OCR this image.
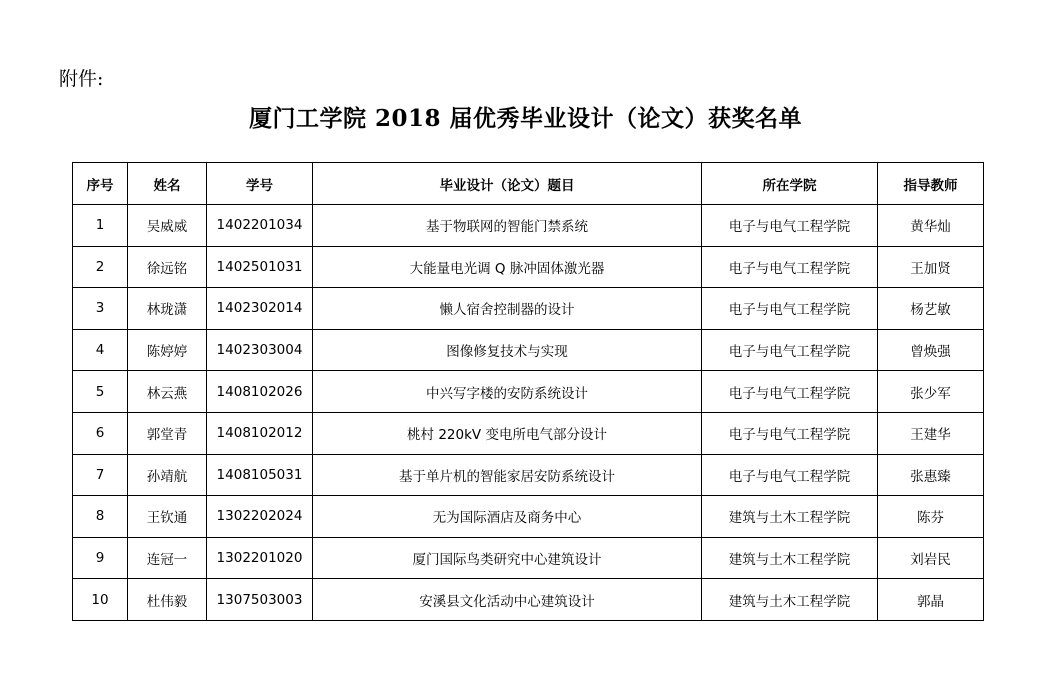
附件:
厦门工学院 2018 届优秀毕业设计（论文）获奖名单
序号	姓名	学号	毕业设计（论文）题目	所在学院	指导教师
1	吴威威	1402201034	基于物联网的智能门禁系统	电子与电气工程学院	黄华灿
2	徐远铭	1402501031	大能量电光调 Q 脉冲固体激光器	电子与电气工程学院	王加贤
3	林珑潇	1402302014	懒人宿舍控制器的设计	电子与电气工程学院	杨艺敏
4	陈婷婷	1402303004	图像修复技术与实现	电子与电气工程学院	曾焕强
5	林云燕	1408102026	中兴写字楼的安防系统设计	电子与电气工程学院	张少军
6	郭堂青	1408102012	桃村 220kV 变电所电气部分设计	电子与电气工程学院	王建华
7	孙靖航	1408105031	基于单片机的智能家居安防系统设计	电子与电气工程学院	张惠臻
8	王钦通	1302202024	无为国际酒店及商务中心	建筑与土木工程学院	陈芬
9	连冠一	1302201020	厦门国际鸟类研究中心建筑设计	建筑与土木工程学院	刘岩民
10	杜伟毅	1307503003	安溪县文化活动中心建筑设计	建筑与土木工程学院	郭晶
